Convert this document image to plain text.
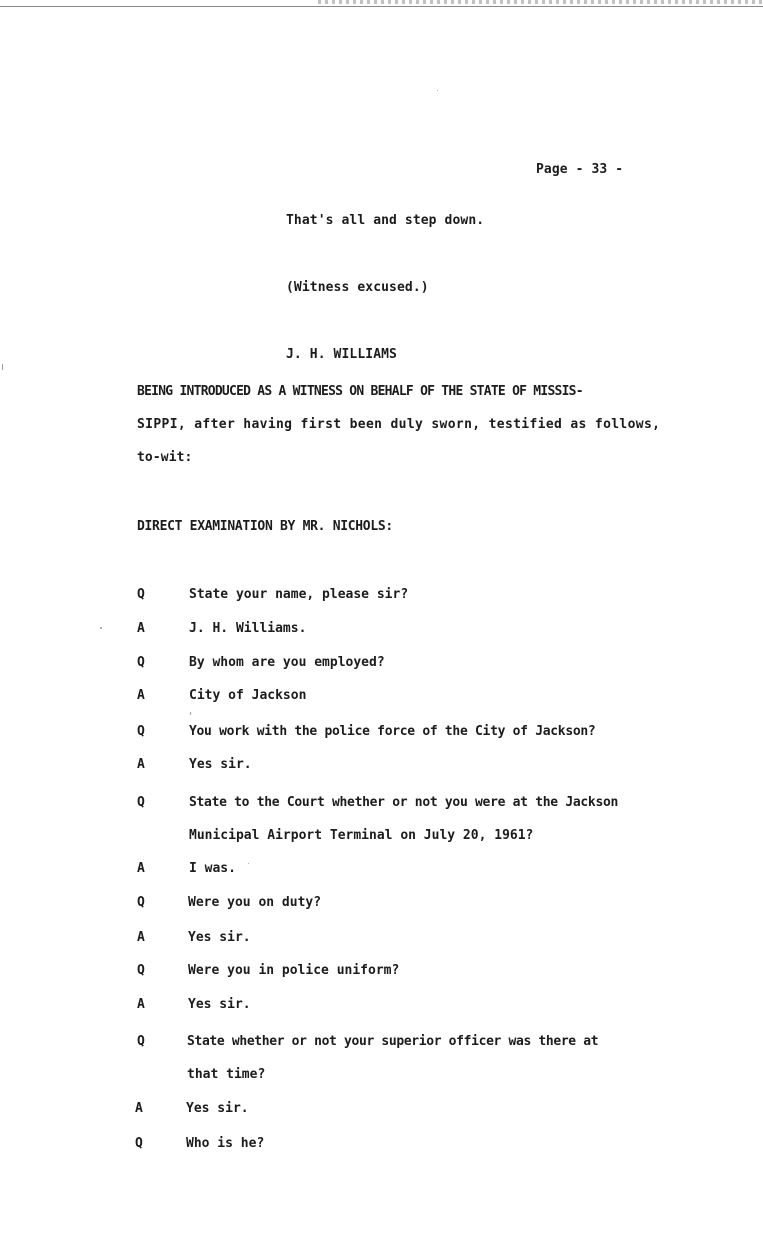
Page - 33 -
That's all and step down.
(Witness excused.)
J. H. WILLIAMS
BEING INTRODUCED AS A WITNESS ON BEHALF OF THE STATE OF MISSIS-
SIPPI, after having first been duly sworn, testified as follows,
to-wit:
DIRECT EXAMINATION BY MR. NICHOLS:
Q	State your name, please sir?
A	J. H. Williams.
Q	By whom are you employed?
A	City of Jackson
Q	You work with the police force of the City of Jackson?
A	Yes sir.
Q	State to the Court whether or not you were at the Jackson
Municipal Airport Terminal on July 20, 1961?
A	I was.
Q	Were you on duty?
A	Yes sir.
Q	Were you in police uniform?
A	Yes sir.
Q	State whether or not your superior officer was there at
that time?
A	Yes sir.
Q	Who is he?
